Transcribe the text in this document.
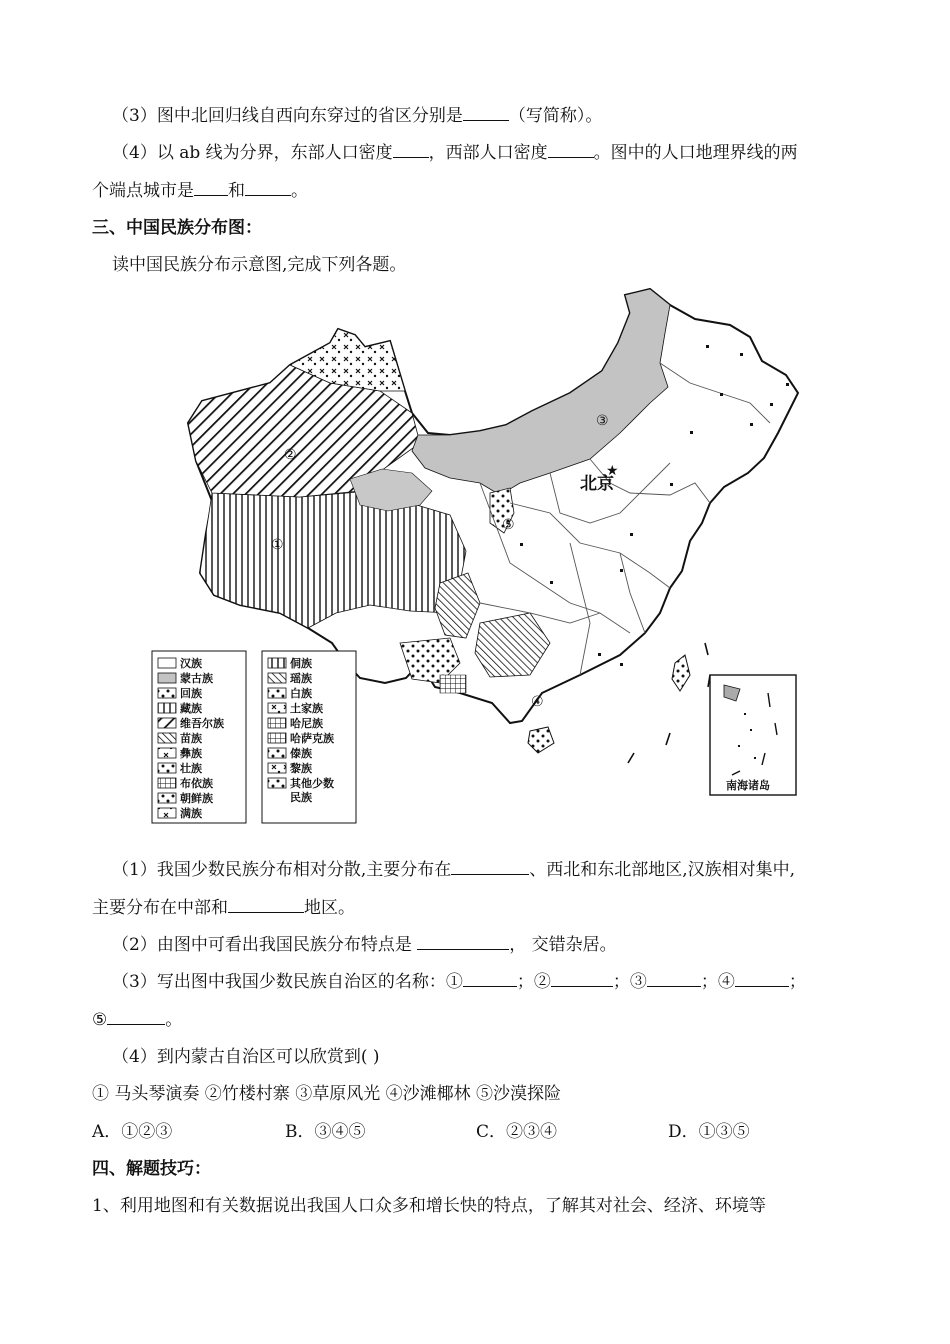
（3）图中北回归线自西向东穿过的省区分别是	（写简称）。
（4）以 ab 线为分界，东部人口密度 ，西部人口密度	。图中的人口地理界线的两
个端点城市是 和	。
三、中国民族分布图：
读中国民族分布示意图,完成下列各题。
★
北京
①
②
③
④
⑤
南海诸岛
汉族
蒙古族
回族
藏族
维吾尔族
苗族
彝族
壮族
布依族
朝鲜族
满族
侗族
瑶族
白族
土家族
哈尼族
哈萨克族
傣族
黎族
其他少数
民族
（1）我国少数民族分布相对分散,主要分布在	、西北和东北部地区,汉族相对集中,
主要分布在中部和	地区。
（2）由图中可看出我国民族分布特点是	， 交错杂居。
（3）写出图中我国少数民族自治区的名称：①	；②	；③	；④	；
⑤	。
（4）到内蒙古自治区可以欣赏到( )
① 马头琴演奏 ②竹楼村寨 ③草原风光 ④沙滩椰林 ⑤沙漠探险
A．①②③	B．③④⑤	C．②③④	D．①③⑤
四、解题技巧：
1、利用地图和有关数据说出我国人口众多和增长快的特点，了解其对社会、经济、环境等
